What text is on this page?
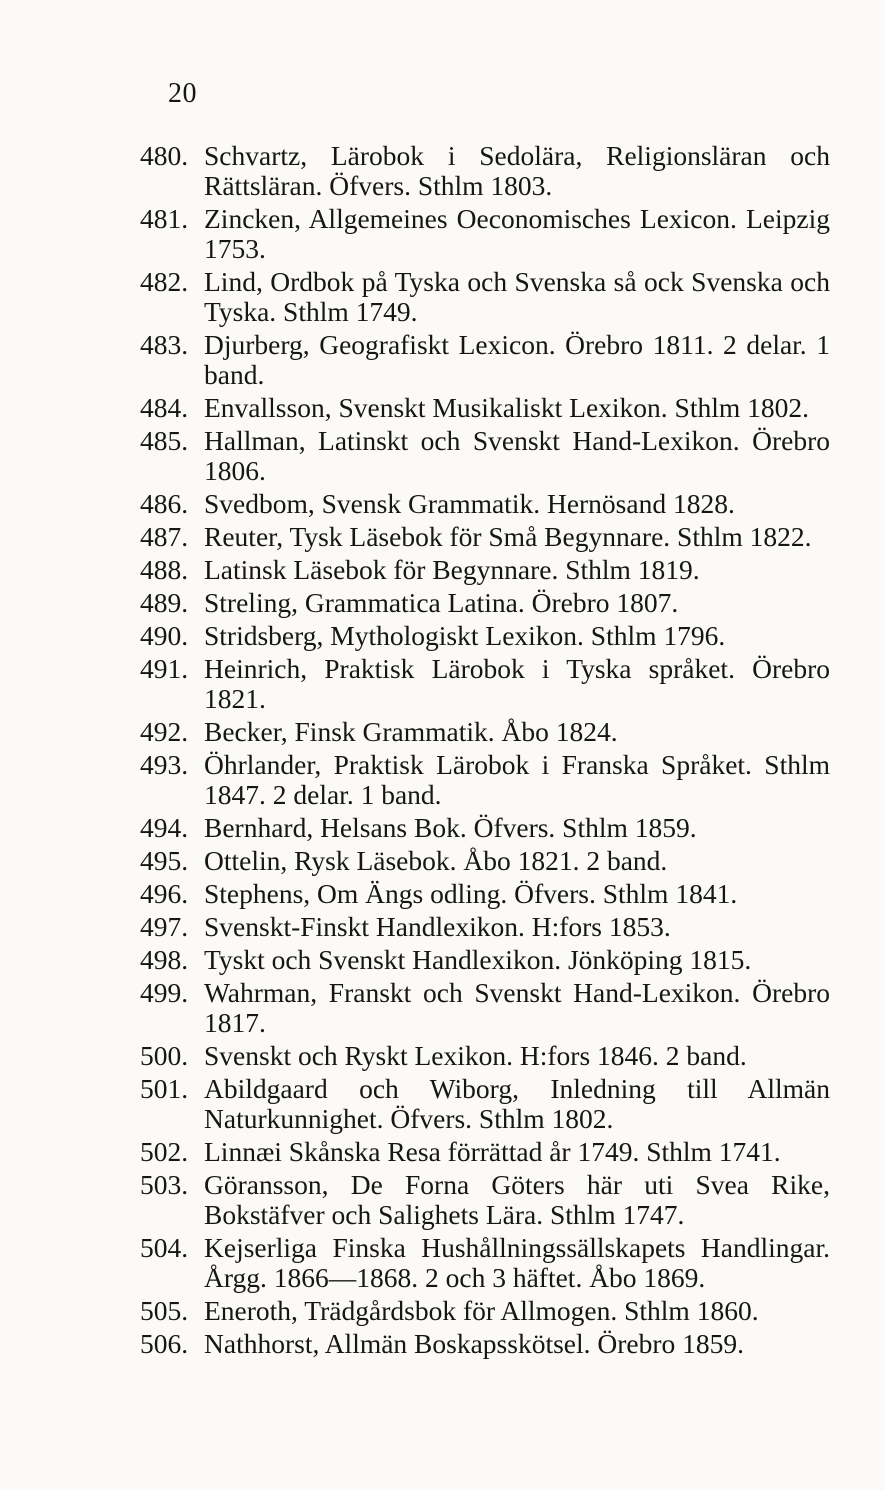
20
480. Schvartz, Lärobok i Sedolära, Religionsläran och Rättsläran. Öfvers. Sthlm 1803.
481. Zincken, Allgemeines Oeconomisches Lexicon. Leipzig 1753.
482. Lind, Ordbok på Tyska och Svenska så ock Svenska och Tyska. Sthlm 1749.
483. Djurberg, Geografiskt Lexicon. Örebro 1811. 2 delar. 1 band.
484. Envallsson, Svenskt Musikaliskt Lexikon. Sthlm 1802.
485. Hallman, Latinskt och Svenskt Hand-Lexikon. Örebro 1806.
486. Svedbom, Svensk Grammatik. Hernösand 1828.
487. Reuter, Tysk Läsebok för Små Begynnare. Sthlm 1822.
488. Latinsk Läsebok för Begynnare. Sthlm 1819.
489. Streling, Grammatica Latina. Örebro 1807.
490. Stridsberg, Mythologiskt Lexikon. Sthlm 1796.
491. Heinrich, Praktisk Lärobok i Tyska språket. Örebro 1821.
492. Becker, Finsk Grammatik. Åbo 1824.
493. Öhrlander, Praktisk Lärobok i Franska Språket. Sthlm 1847. 2 delar. 1 band.
494. Bernhard, Helsans Bok. Öfvers. Sthlm 1859.
495. Ottelin, Rysk Läsebok. Åbo 1821. 2 band.
496. Stephens, Om Ängs odling. Öfvers. Sthlm 1841.
497. Svenskt-Finskt Handlexikon. H:fors 1853.
498. Tyskt och Svenskt Handlexikon. Jönköping 1815.
499. Wahrman, Franskt och Svenskt Hand-Lexikon. Örebro 1817.
500. Svenskt och Ryskt Lexikon. H:fors 1846. 2 band.
501. Abildgaard och Wiborg, Inledning till Allmän Naturkunnighet. Öfvers. Sthlm 1802.
502. Linnæi Skånska Resa förrättad år 1749. Sthlm 1741.
503. Göransson, De Forna Göters här uti Svea Rike, Bokstäfver och Salighets Lära. Sthlm 1747.
504. Kejserliga Finska Hushållningssällskapets Handlingar. Årgg. 1866—1868. 2 och 3 häftet. Åbo 1869.
505. Eneroth, Trädgårdsbok för Allmogen. Sthlm 1860.
506. Nathhorst, Allmän Boskapsskötsel. Örebro 1859.
